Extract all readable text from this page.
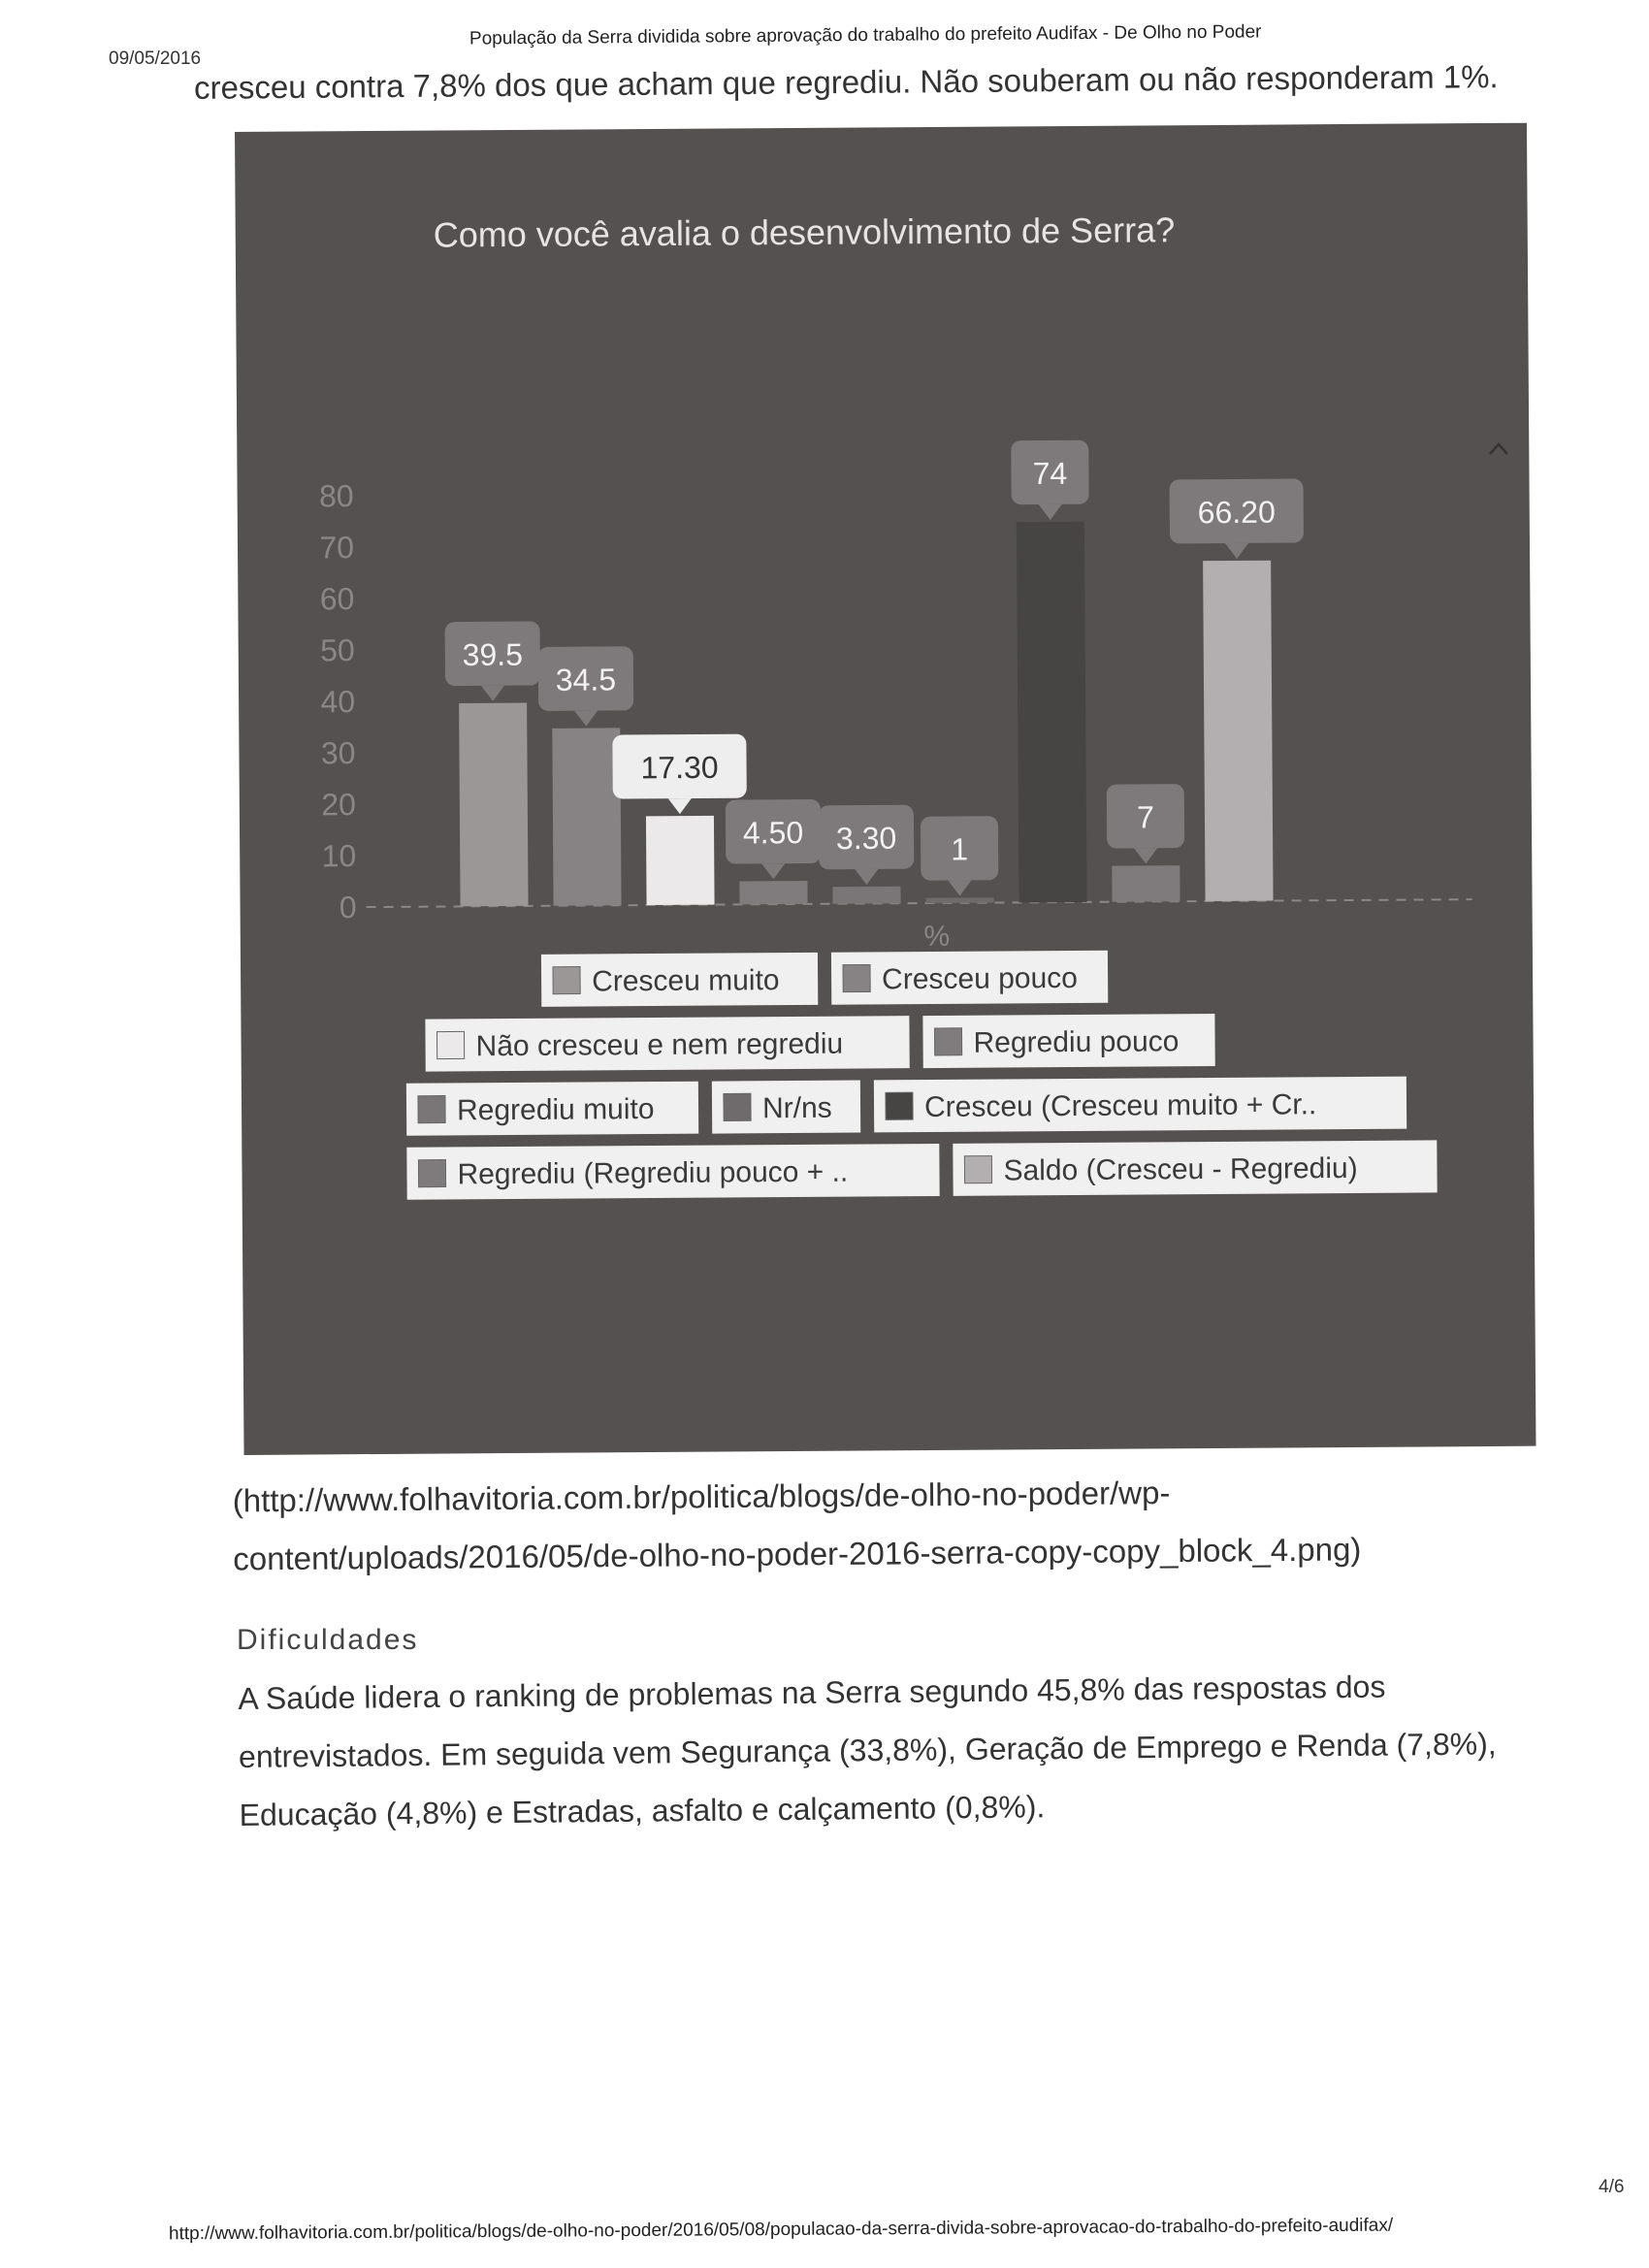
09/05/2016
População da Serra dividida sobre aprovação do trabalho do prefeito Audifax - De Olho no Poder
cresceu contra 7,8% dos que acham que regrediu. Não souberam ou não responderam 1%.
Como você avalia o desenvolvimento de Serra?
0
10
20
30
40
50
60
70
80
39.5
34.5
17.30
4.50 3.30 1
74
7
66.20
%
Cresceu muito	Cresceu pouco
Não cresceu e nem regrediu	Regrediu pouco
Regrediu muito	Nr/ns	Cresceu (Cresceu muito + Cr..
Regrediu (Regrediu pouco + ..	Saldo (Cresceu - Regrediu)
(http://www.folhavitoria.com.br/politica/blogs/de-olho-no-poder/wp-
content/uploads/2016/05/de-olho-no-poder-2016-serra-copy-copy_block_4.png)
Dificuldades
A Saúde lidera o ranking de problemas na Serra segundo 45,8% das respostas dos
entrevistados. Em seguida vem Segurança (33,8%), Geração de Emprego e Renda (7,8%),
Educação (4,8%) e Estradas, asfalto e calçamento (0,8%).
http://www.folhavitoria.com.br/politica/blogs/de-olho-no-poder/2016/05/08/populacao-da-serra-divida-sobre-aprovacao-do-trabalho-do-prefeito-audifax/
4/6
